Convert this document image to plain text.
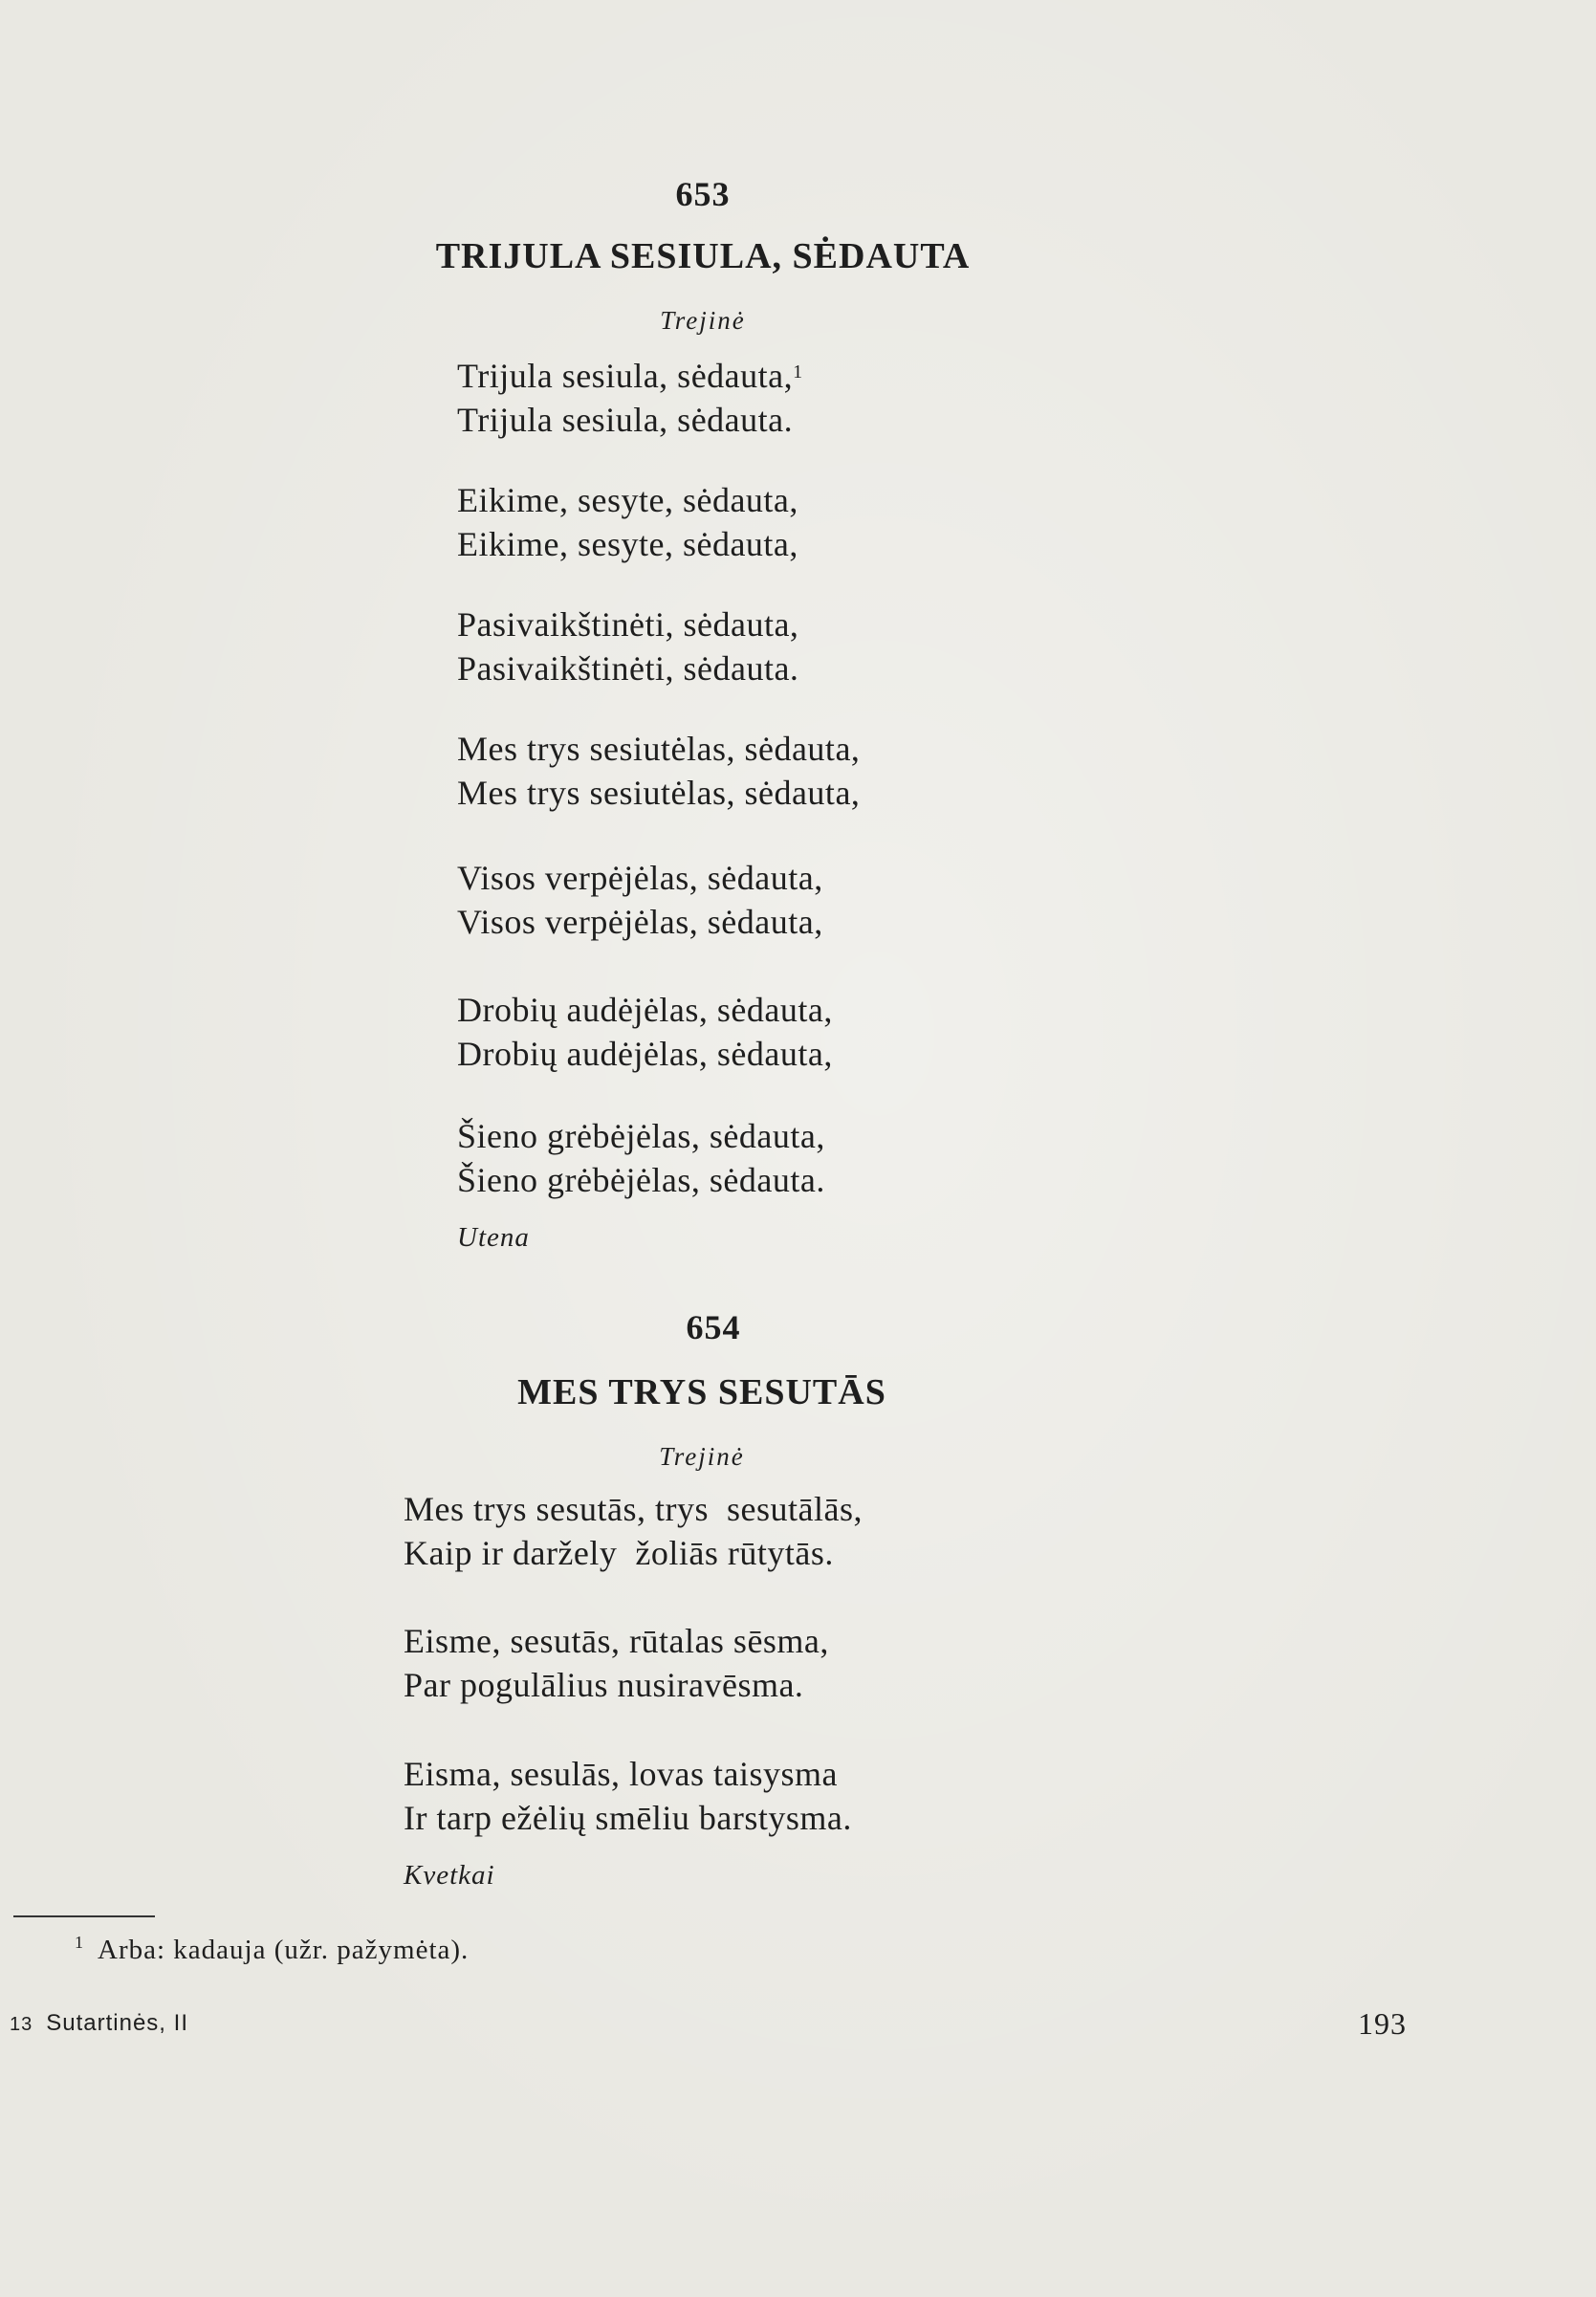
653
TRIJULA SESIULA, SĖDAUTA
Trejinė
Trijula sesiula, sėdauta,$^1$
Trijula sesiula, sėdauta.
Eikime, sesyte, sėdauta,
Eikime, sesyte, sėdauta,
Pasivaikštinėti, sėdauta,
Pasivaikštinėti, sėdauta.
Mes trys sesiutėlas, sėdauta,
Mes trys sesiutėlas, sėdauta,
Visos verpėjėlas, sėdauta,
Visos verpėjėlas, sėdauta,
Drobių audėjėlas, sėdauta,
Drobių audėjėlas, sėdauta,
Šieno grėbėjėlas, sėdauta,
Šieno grėbėjėlas, sėdauta.
Utena
654
MES TRYS SESUTĀS
Trejinė
Mes trys sesutās, trys  sesutālās,
Kaip ir daržely  žoliās rūtytās.
Eisme, sesutās, rūtalas sēsma,
Par pogulālius nusiravēsma.
Eisma, sesulās, lovas taisysma
Ir tarp ežėlių smēliu barstysma.
Kvetkai
$^1$ Arba: kadauja (užr. pažymėta).
13 Sutartinės, II	193
